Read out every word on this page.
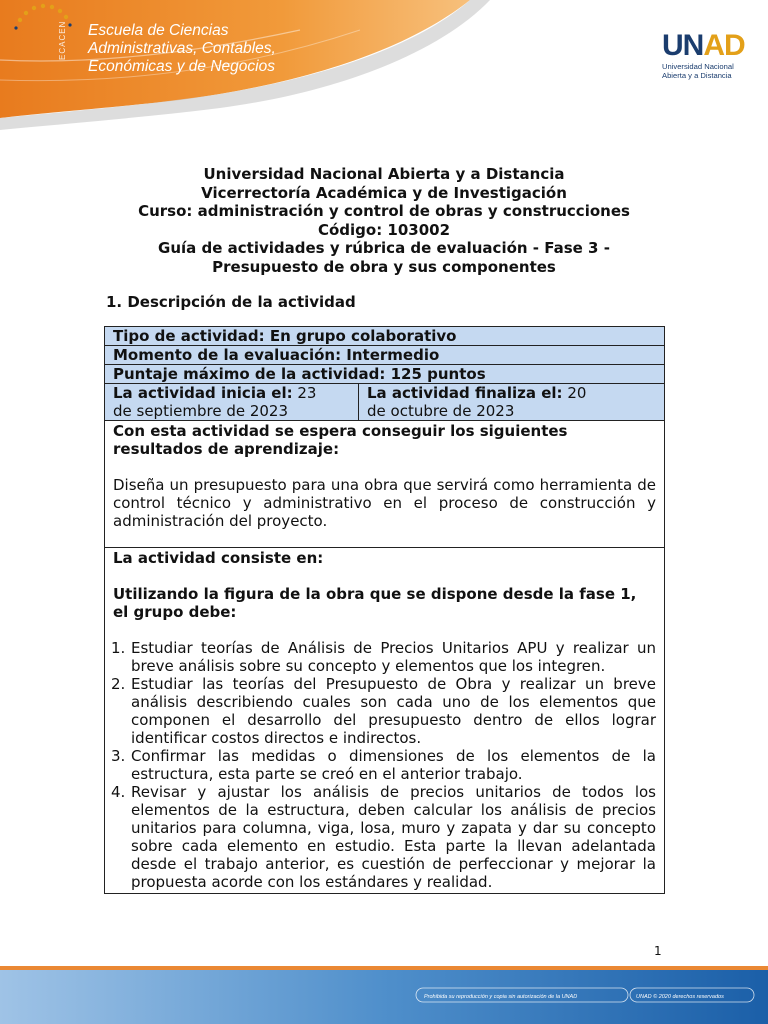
ECACEN Escuela de Ciencias
Administrativas, Contables,
Económicas y de Negocios
UNAD
Universidad Nacional
Abierta y a Distancia
Universidad Nacional Abierta y a Distancia
Vicerrectoría Académica y de Investigación
Curso: administración y control de obras y construcciones
Código: 103002
Guía de actividades y rúbrica de evaluación - Fase 3 -
Presupuesto de obra y sus componentes
1. Descripción de la actividad
Tipo de actividad: En grupo colaborativo
Momento de la evaluación: Intermedio
Puntaje máximo de la actividad: 125 puntos
La actividad inicia el: 23
de septiembre de 2023
La actividad finaliza el: 20
de octubre de 2023
Con esta actividad se espera conseguir los siguientes resultados de aprendizaje:
Diseña un presupuesto para una obra que servirá como herramienta de control técnico y administrativo en el proceso de construcción y administración del proyecto.
La actividad consiste en:
Utilizando la figura de la obra que se dispone desde la fase 1, el grupo debe:
1. Estudiar teorías de Análisis de Precios Unitarios APU y realizar un breve análisis sobre su concepto y elementos que los integren.
2. Estudiar las teorías del Presupuesto de Obra y realizar un breve análisis describiendo cuales son cada uno de los elementos que componen el desarrollo del presupuesto dentro de ellos lograr identificar costos directos e indirectos.
3. Confirmar las medidas o dimensiones de los elementos de la estructura, esta parte se creó en el anterior trabajo.
4. Revisar y ajustar los análisis de precios unitarios de todos los elementos de la estructura, deben calcular los análisis de precios unitarios para columna, viga, losa, muro y zapata y dar su concepto sobre cada elemento en estudio. Esta parte la llevan adelantada desde el trabajo anterior, es cuestión de perfeccionar y mejorar la propuesta acorde con los estándares y realidad.
1
Prohibida su reproducción y copia sin autorización de la UNAD	UNAD © 2020 derechos reservados
